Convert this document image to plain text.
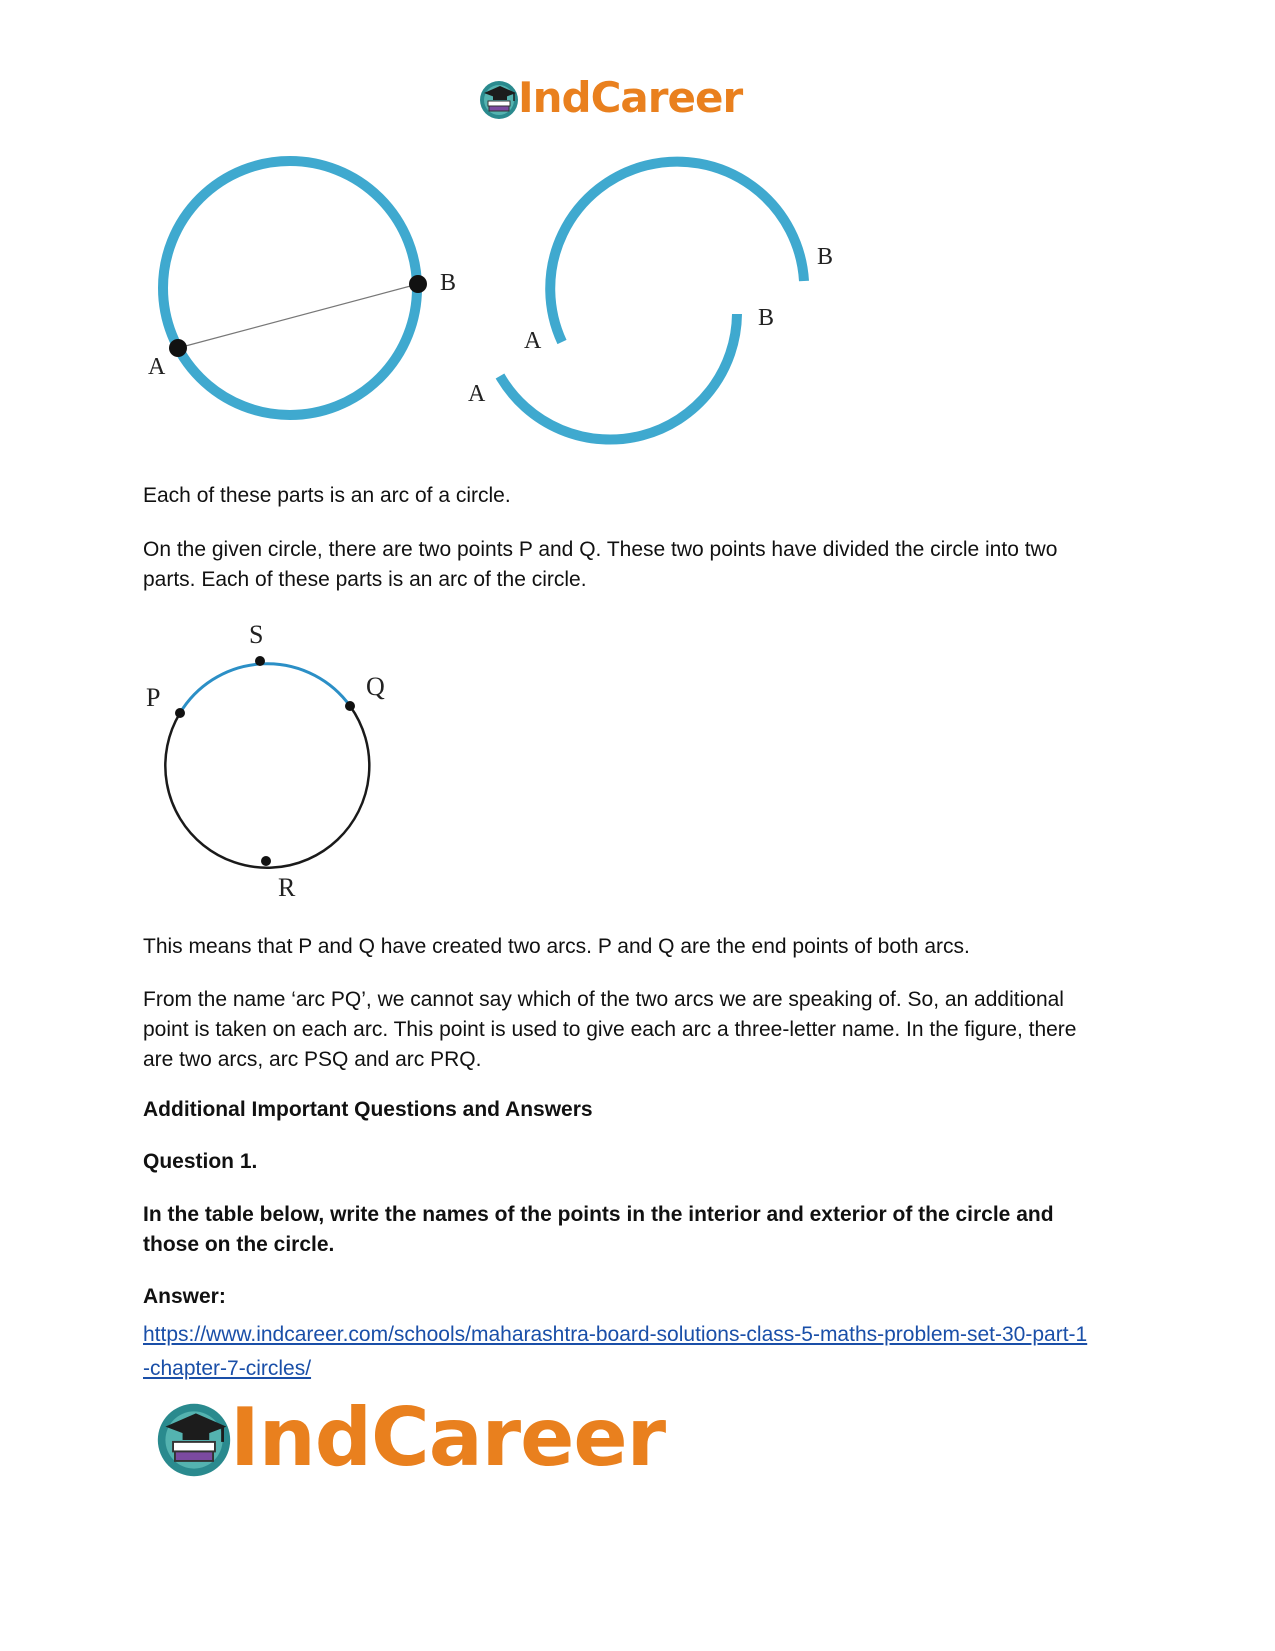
IndCareer
A
B
A
B
A
B

Each of these parts is an arc of a circle.

On the given circle, there are two points P and Q. These two points have divided the circle into two parts. Each of these parts is an arc of the circle.

P	Q
S
R

This means that P and Q have created two arcs. P and Q are the end points of both arcs.

From the name ‘arc PQ’, we cannot say which of the two arcs we are speaking of. So, an additional point is taken on each arc. This point is used to give each arc a three-letter name. In the figure, there are two arcs, arc PSQ and arc PRQ.

Additional Important Questions and Answers

Question 1.

In the table below, write the names of the points in the interior and exterior of the circle and those on the circle.

Answer:

https://www.indcareer.com/schools/maharashtra-board-solutions-class-5-maths-problem-set-30-part-1-chapter-7-circles/

IndCareer
